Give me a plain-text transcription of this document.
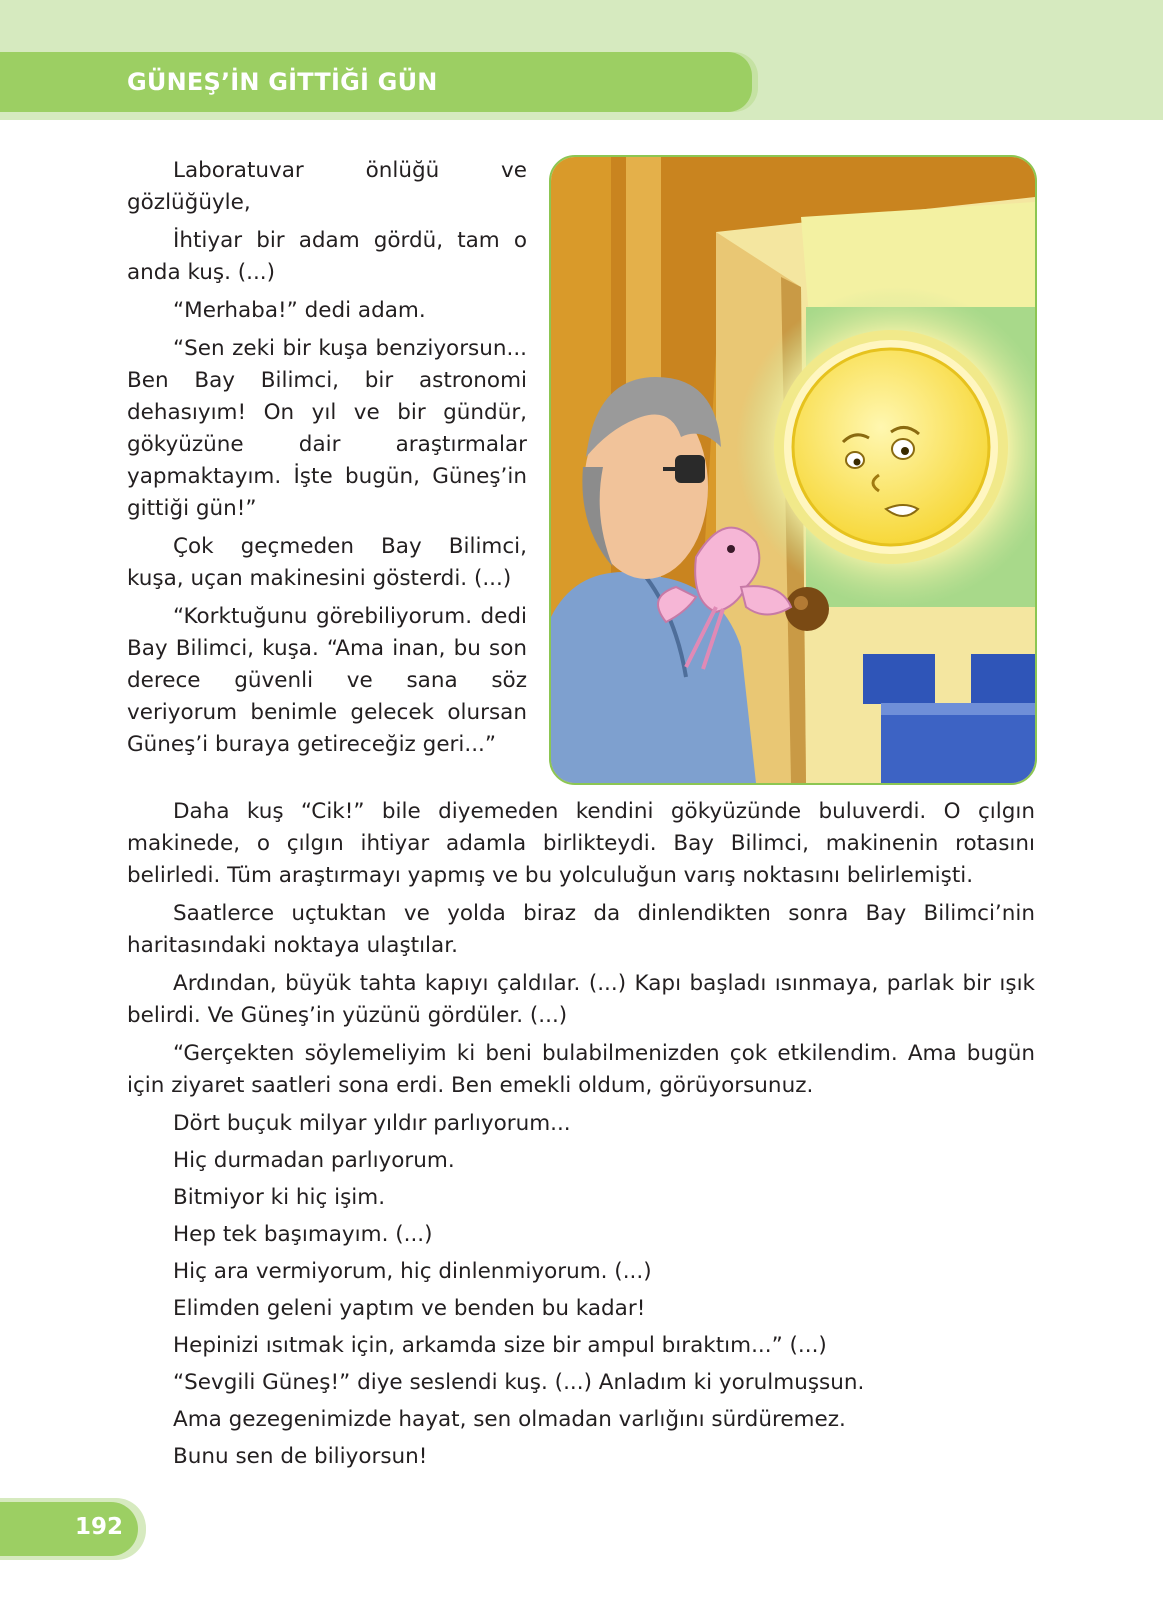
GÜNEŞ’İN GİTTİĞİ GÜN

Laboratuvar önlüğü ve gözlüğüyle,

İhtiyar bir adam gördü, tam o anda kuş. (...)

“Merhaba!” dedi adam.

“Sen zeki bir kuşa benziyorsun... Ben Bay Bilimci, bir astronomi dehasıyım! On yıl ve bir gündür, gökyüzüne dair araştırmalar yapmaktayım. İşte bugün, Güneş’in gittiği gün!”

Çok geçmeden Bay Bilimci, kuşa, uçan makinesini gösterdi. (...)

“Korktuğunu görebiliyorum. dedi Bay Bilimci, kuşa. “Ama inan, bu son derece güvenli ve sana söz veriyorum benimle gelecek olursan Güneş’i buraya getireceğiz geri...”

Daha kuş “Cik!” bile diyemeden kendini gökyüzünde buluverdi. O çılgın makinede, o çılgın ihtiyar adamla birlikteydi. Bay Bilimci, makinenin rotasını belirledi. Tüm araştırmayı yapmış ve bu yolculuğun varış noktasını belirlemişti.

Saatlerce uçtuktan ve yolda biraz da dinlendikten sonra Bay Bilimci’nin haritasındaki noktaya ulaştılar.

Ardından, büyük tahta kapıyı çaldılar. (...) Kapı başladı ısınmaya, parlak bir ışık belirdi. Ve Güneş’in yüzünü gördüler. (...)

“Gerçekten söylemeliyim ki beni bulabilmenizden çok etkilendim. Ama bugün için ziyaret saatleri sona erdi. Ben emekli oldum, görüyorsunuz.

Dört buçuk milyar yıldır parlıyorum...

Hiç durmadan parlıyorum.

Bitmiyor ki hiç işim.

Hep tek başımayım. (...)

Hiç ara vermiyorum, hiç dinlenmiyorum. (...)

Elimden geleni yaptım ve benden bu kadar!

Hepinizi ısıtmak için, arkamda size bir ampul bıraktım...” (...)

“Sevgili Güneş!” diye seslendi kuş. (...) Anladım ki yorulmuşsun.

Ama gezegenimizde hayat, sen olmadan varlığını sürdüremez.

Bunu sen de biliyorsun!

192
